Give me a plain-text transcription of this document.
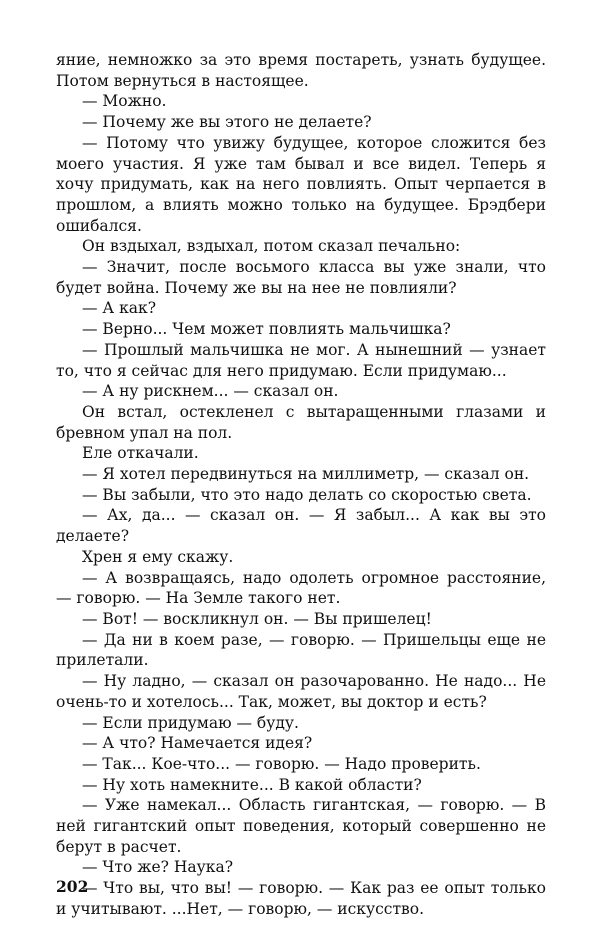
яние, немножко за это время постареть, узнать будущее. Потом вернуться в настоящее.

— Можно.

— Почему же вы этого не делаете?

— Потому что увижу будущее, которое сложится без моего участия. Я уже там бывал и все видел. Теперь я хочу придумать, как на него повлиять. Опыт черпается в прошлом, а влиять можно только на будущее. Брэдбери ошибался.

Он вздыхал, вздыхал, потом сказал печально:

— Значит, после восьмого класса вы уже знали, что будет война. Почему же вы на нее не повлияли?

— А как?

— Верно... Чем может повлиять мальчишка?

— Прошлый мальчишка не мог. А нынешний — узнает то, что я сейчас для него придумаю. Если придумаю...

— А ну рискнем... — сказал он.

Он встал, остекленел с вытаращенными глазами и бревном упал на пол.

Еле откачали.

— Я хотел передвинуться на миллиметр, — сказал он.

— Вы забыли, что это надо делать со скоростью света.

— Ах, да... — сказал он. — Я забыл... А как вы это делаете?

Хрен я ему скажу.

— А возвращаясь, надо одолеть огромное расстояние, — говорю. — На Земле такого нет.

— Вот! — воскликнул он. — Вы пришелец!

— Да ни в коем разе, — говорю. — Пришельцы еще не прилетали.

— Ну ладно, — сказал он разочарованно. Не надо... Не очень-то и хотелось... Так, может, вы доктор и есть?

— Если придумаю — буду.

— А что? Намечается идея?

— Так... Кое-что... — говорю. — Надо проверить.

— Ну хоть намекните... В какой области?

— Уже намекал... Область гигантская, — говорю. — В ней гигантский опыт поведения, который совершенно не берут в расчет.

— Что же? Наука?

— Что вы, что вы! — говорю. — Как раз ее опыт только и учитывают. ...Нет, — говорю, — искусство.

202
